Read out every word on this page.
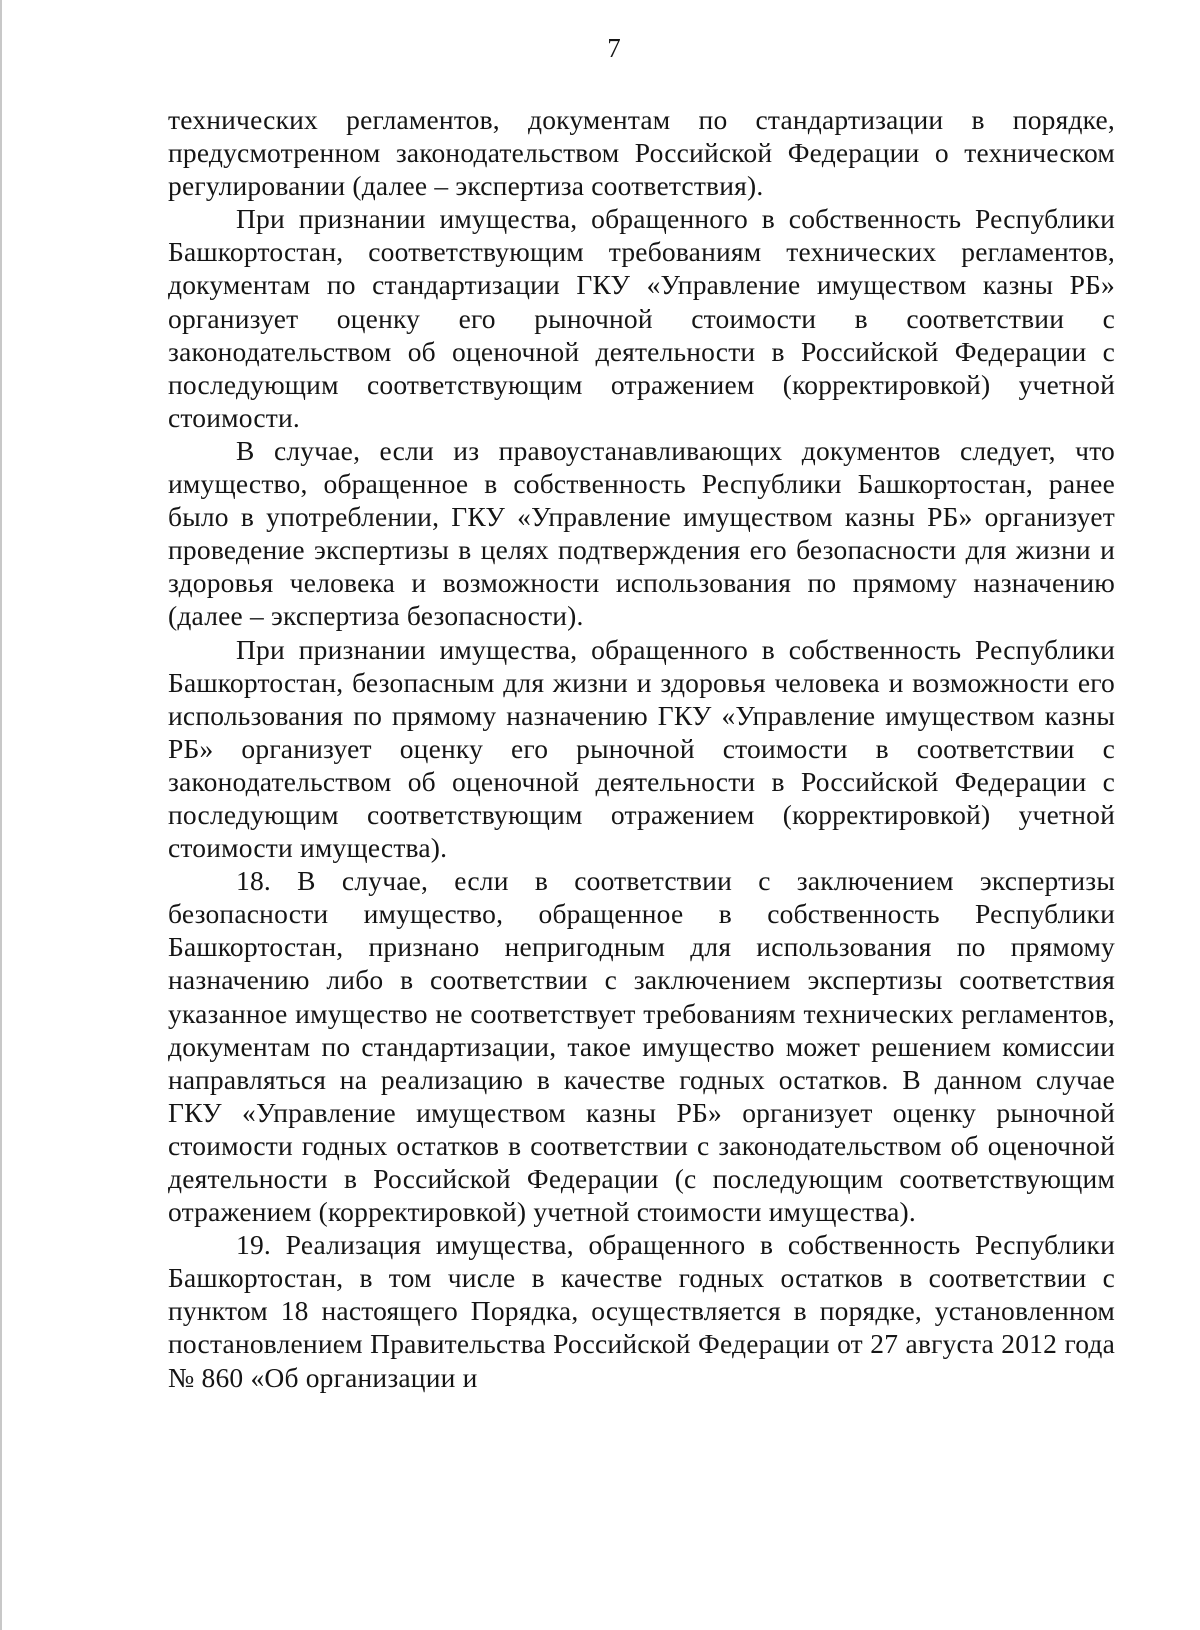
7

технических регламентов, документам по стандартизации в порядке, предусмотренном законодательством Российской Федерации о техническом регулировании (далее – экспертиза соответствия).

При признании имущества, обращенного в собственность Республики Башкортостан, соответствующим требованиям технических регламентов, документам по стандартизации ГКУ «Управление имуществом казны РБ» организует оценку его рыночной стоимости в соответствии с законодательством об оценочной деятельности в Российской Федерации с последующим соответствующим отражением (корректировкой) учетной стоимости.

В случае, если из правоустанавливающих документов следует, что имущество, обращенное в собственность Республики Башкортостан, ранее было в употреблении, ГКУ «Управление имуществом казны РБ» организует проведение экспертизы в целях подтверждения его безопасности для жизни и здоровья человека и возможности использования по прямому назначению (далее – экспертиза безопасности).

При признании имущества, обращенного в собственность Республики Башкортостан, безопасным для жизни и здоровья человека и возможности его использования по прямому назначению ГКУ «Управление имуществом казны РБ» организует оценку его рыночной стоимости в соответствии с законодательством об оценочной деятельности в Российской Федерации с последующим соответствующим отражением (корректировкой) учетной стоимости имущества).

18. В случае, если в соответствии с заключением экспертизы безопасности имущество, обращенное в собственность Республики Башкортостан, признано непригодным для использования по прямому назначению либо в соответствии с заключением экспертизы соответствия указанное имущество не соответствует требованиям технических регламентов, документам по стандартизации, такое имущество может решением комиссии направляться на реализацию в качестве годных остатков. В данном случае ГКУ «Управление имуществом казны РБ» организует оценку рыночной стоимости годных остатков в соответствии с законодательством об оценочной деятельности в Российской Федерации (с последующим соответствующим отражением (корректировкой) учетной стоимости имущества).

19. Реализация имущества, обращенного в собственность Республики Башкортостан, в том числе в качестве годных остатков в соответствии с пунктом 18 настоящего Порядка, осуществляется в порядке, установленном постановлением Правительства Российской Федерации от 27 августа 2012 года № 860 «Об организации и
